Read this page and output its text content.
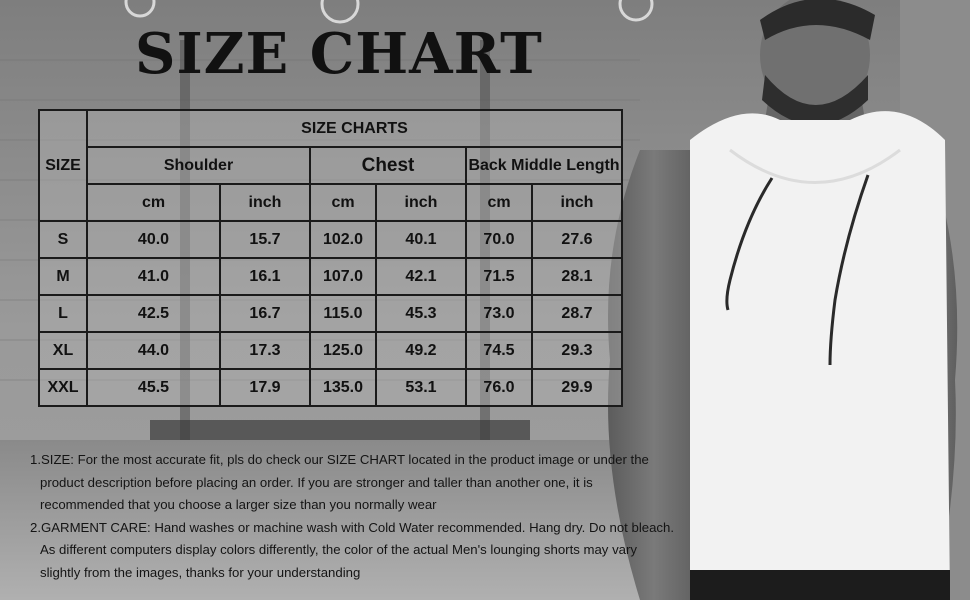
SIZE CHART
SIZE	SIZE CHARTS					
	Shoulder		Chest		Back Middle Length	
	cm	inch	cm	inch	cm	inch
S	40.0	15.7	102.0	40.1	70.0	27.6
M	41.0	16.1	107.0	42.1	71.5	28.1
L	42.5	16.7	115.0	45.3	73.0	28.7
XL	44.0	17.3	125.0	49.2	74.5	29.3
XXL	45.5	17.9	135.0	53.1	76.0	29.9

1.SIZE: For the most accurate fit, pls do check our SIZE CHART located in the product image or under the product description before placing an order. If you are stronger and taller than another one, it is recommended that you choose a larger size than you normally wear

2.GARMENT CARE: Hand washes or machine wash with Cold Water recommended. Hang dry. Do not bleach. As different computers display colors differently, the color of the actual Men's lounging shorts may vary slightly from the images, thanks for your understanding
